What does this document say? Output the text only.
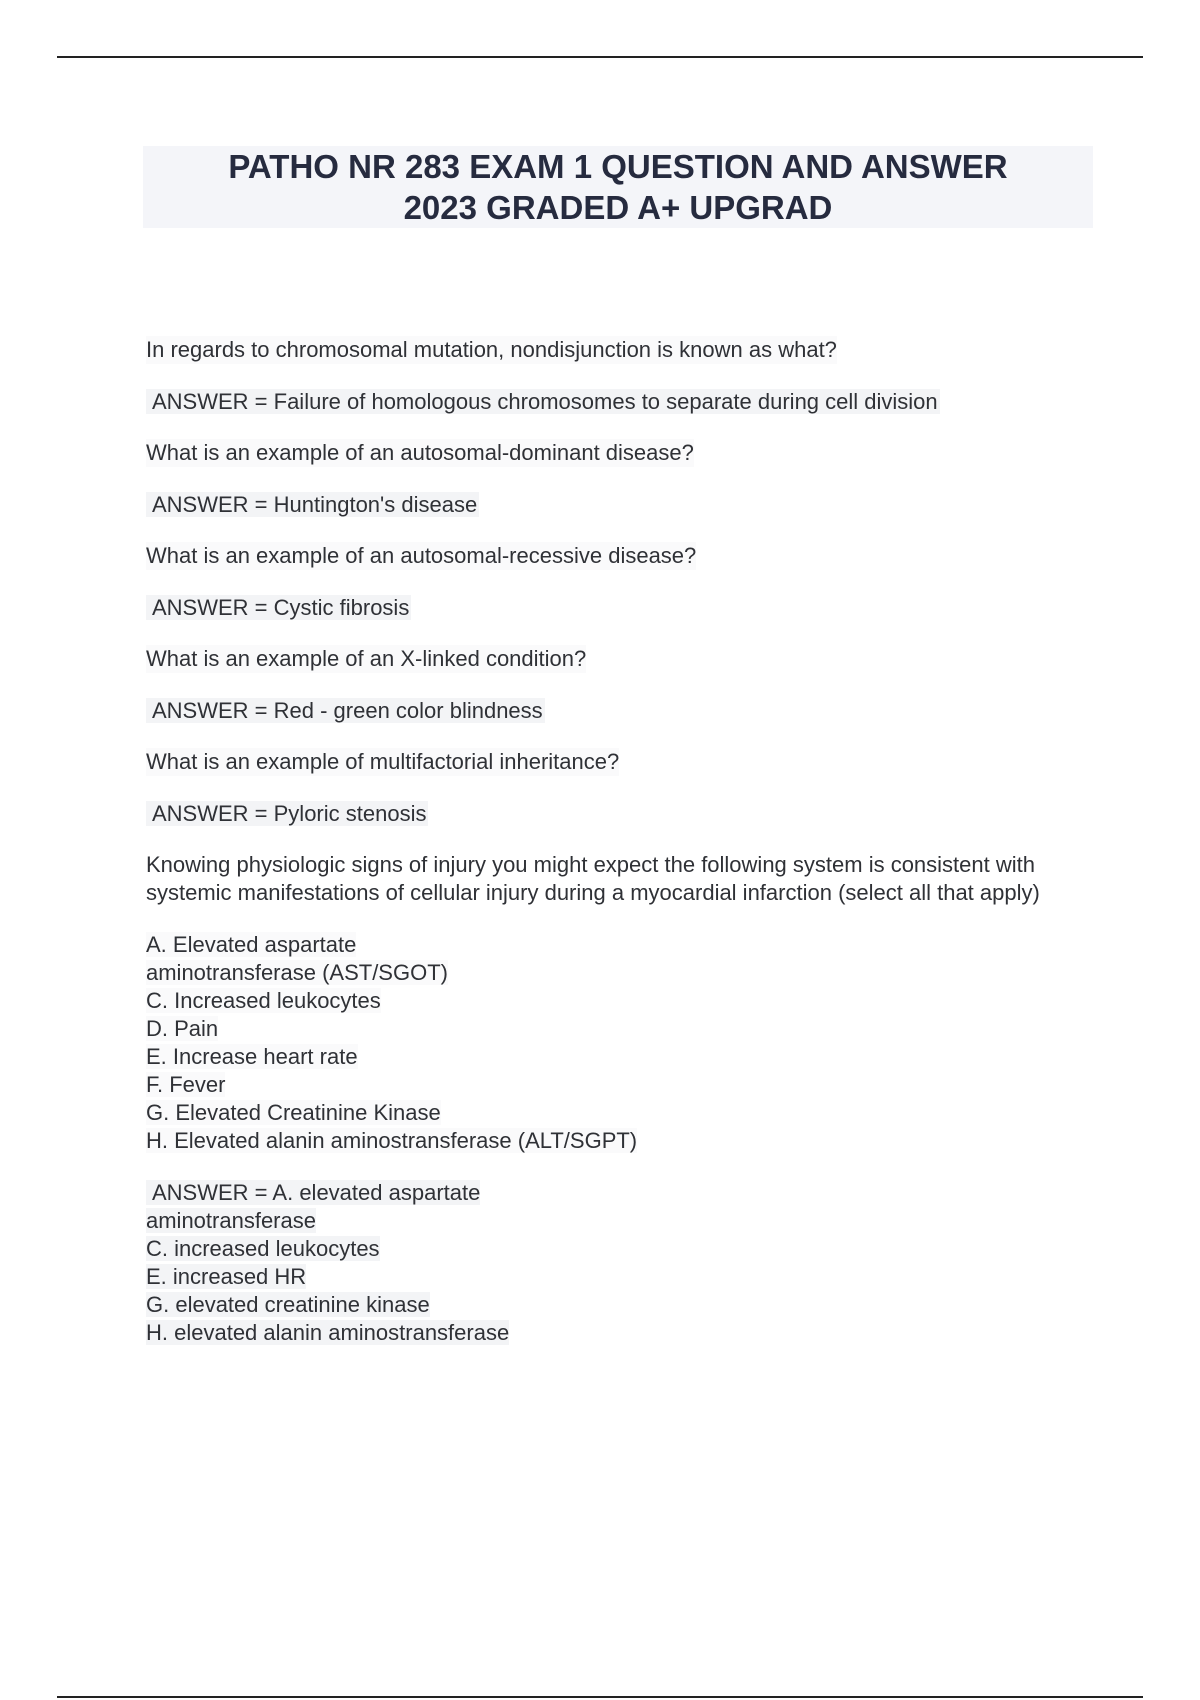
PATHO NR 283 EXAM 1 QUESTION AND ANSWER
2023 GRADED A+ UPGRAD
In regards to chromosomal mutation, nondisjunction is known as what?
ANSWER = Failure of homologous chromosomes to separate during cell division
What is an example of an autosomal-dominant disease?
ANSWER = Huntington's disease
What is an example of an autosomal-recessive disease?
ANSWER = Cystic fibrosis
What is an example of an X-linked condition?
ANSWER = Red - green color blindness
What is an example of multifactorial inheritance?
ANSWER = Pyloric stenosis
Knowing physiologic signs of injury you might expect the following system is consistent with systemic manifestations of cellular injury during a myocardial infarction (select all that apply)
A. Elevated aspartate
aminotransferase (AST/SGOT)
C. Increased leukocytes
D. Pain
E. Increase heart rate
F. Fever
G. Elevated Creatinine Kinase
H. Elevated alanin aminostransferase (ALT/SGPT)
ANSWER = A. elevated aspartate
aminotransferase
C. increased leukocytes
E. increased HR
G. elevated creatinine kinase
H. elevated alanin aminostransferase
